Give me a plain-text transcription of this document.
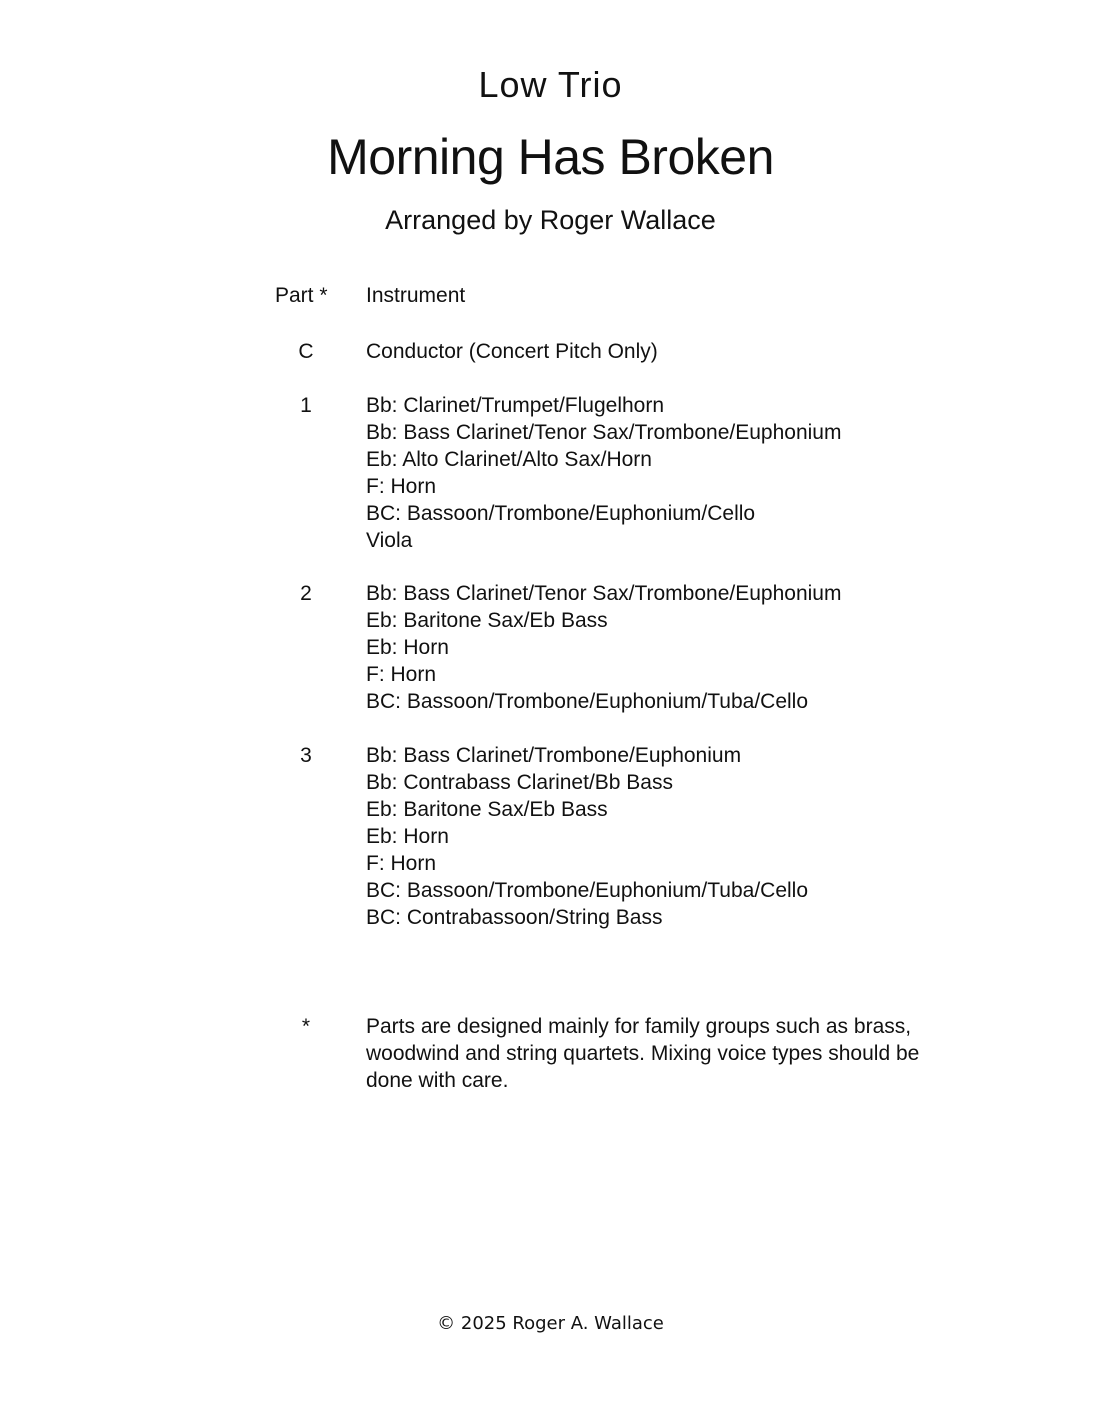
Low Trio
Morning Has Broken
Arranged by Roger Wallace
Part * Instrument
C Conductor (Concert Pitch Only)
1	Bb: Clarinet/Trumpet/Flugelhorn
Bb: Bass Clarinet/Tenor Sax/Trombone/Euphonium
Eb: Alto Clarinet/Alto Sax/Horn
F: Horn
BC: Bassoon/Trombone/Euphonium/Cello
Viola
2	Bb: Bass Clarinet/Tenor Sax/Trombone/Euphonium
Eb: Baritone Sax/Eb Bass
Eb: Horn
F: Horn
BC: Bassoon/Trombone/Euphonium/Tuba/Cello
3	Bb: Bass Clarinet/Trombone/Euphonium
Bb: Contrabass Clarinet/Bb Bass
Eb: Baritone Sax/Eb Bass
Eb: Horn
F: Horn
BC: Bassoon/Trombone/Euphonium/Tuba/Cello
BC: Contrabassoon/String Bass
*	Parts are designed mainly for family groups such as brass, woodwind and string quartets. Mixing voice types should be done with care.
© 2025 Roger A. Wallace
